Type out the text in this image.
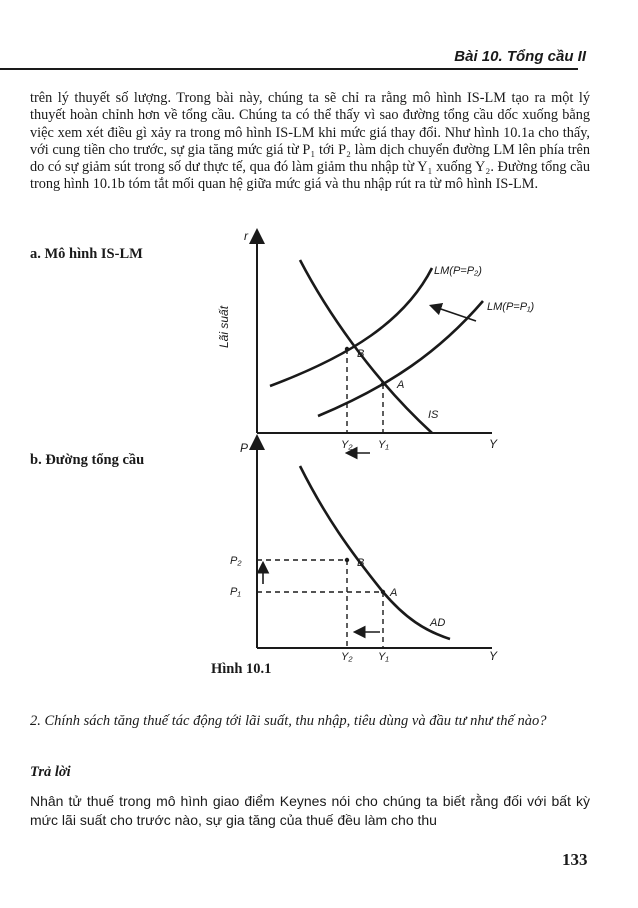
Bài 10. Tổng cầu II
trên lý thuyết số lượng. Trong bài này, chúng ta sẽ chỉ ra rằng mô hình IS-LM tạo ra một lý thuyết hoàn chỉnh hơn về tổng cầu. Chúng ta có thể thấy vì sao đường tổng cầu dốc xuống bằng việc xem xét điều gì xảy ra trong mô hình IS-LM khi mức giá thay đổi. Như hình 10.1a cho thấy, với cung tiền cho trước, sự gia tăng mức giá từ P₁ tới P₂ làm dịch chuyển đường LM lên phía trên do có sự giảm sút trong số dư thực tế, qua đó làm giảm thu nhập từ Y₁ xuống Y₂. Đường tổng cầu trong hình 10.1b tóm tắt mối quan hệ giữa mức giá và thu nhập rút ra từ mô hình IS-LM.
a. Mô hình IS-LM
b. Đường tổng cầu
r
Lãi suất
Y
LM(P=P₂)
LM(P=P₁)
IS
B
A
Y₂ Y₁
P
Y
AD
P₂
P₁
B
A
Y₂ Y₁
Hình 10.1
2. Chính sách tăng thuế tác động tới lãi suất, thu nhập, tiêu dùng và đầu tư như thế nào?
Trả lời
Nhân tử thuế trong mô hình giao điểm Keynes nói cho chúng ta biết rằng đối với bất kỳ mức lãi suất cho trước nào, sự gia tăng của thuế đều làm cho thu
133
